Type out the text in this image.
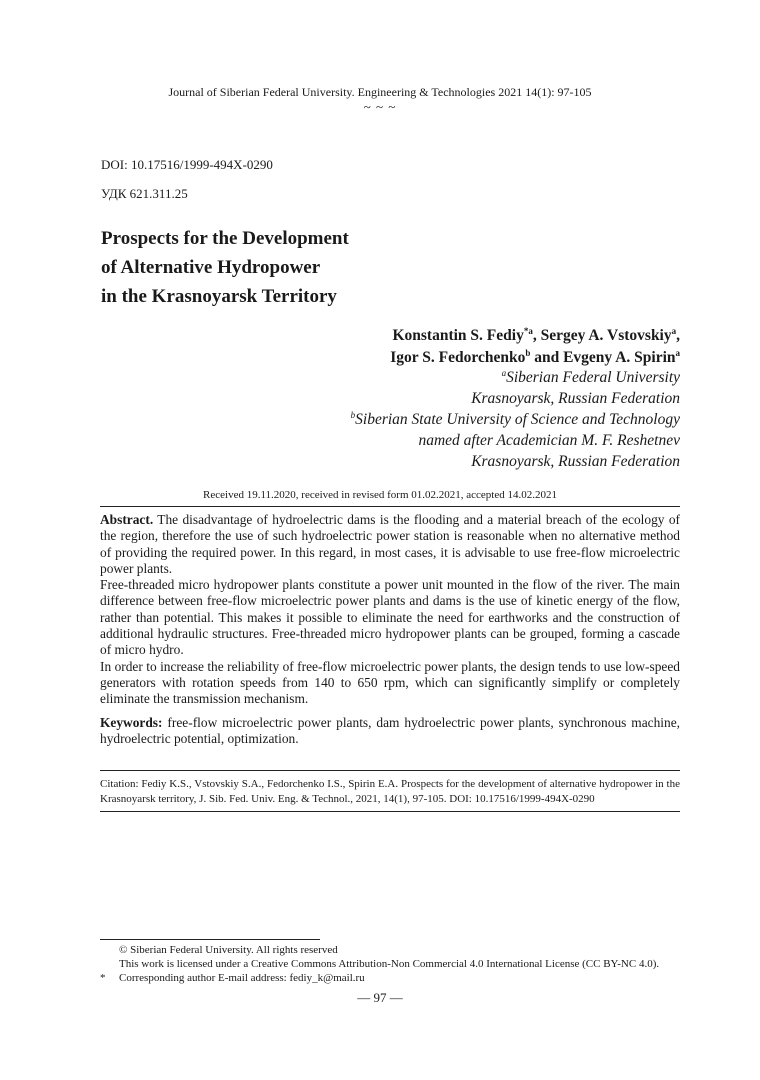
Journal of Siberian Federal University. Engineering & Technologies 2021 14(1): 97-105
~ ~ ~
DOI: 10.17516/1999-494X-0290
УДК 621.311.25
Prospects for the Development
of Alternative Hydropower
in the Krasnoyarsk Territory
Konstantin S. Fediy$^{*a}$, Sergey A. Vstovskiy$^a$,
Igor S. Fedorchenko$^b$ and Evgeny A. Spirin$^a$
$^a$Siberian Federal University
Krasnoyarsk, Russian Federation
$^b$Siberian State University of Science and Technology
named after Academician M. F. Reshetnev
Krasnoyarsk, Russian Federation
Received 19.11.2020, received in revised form 01.02.2021, accepted 14.02.2021

Abstract. The disadvantage of hydroelectric dams is the flooding and a material breach of the ecology of the region, therefore the use of such hydroelectric power station is reasonable when no alternative method of providing the required power. In this regard, in most cases, it is advisable to use free-flow microelectric power plants.

Free-threaded micro hydropower plants constitute a power unit mounted in the flow of the river. The main difference between free-flow microelectric power plants and dams is the use of kinetic energy of the flow, rather than potential. This makes it possible to eliminate the need for earthworks and the construction of additional hydraulic structures. Free-threaded micro hydropower plants can be grouped, forming a cascade of micro hydro.

In order to increase the reliability of free-flow microelectric power plants, the design tends to use low-speed generators with rotation speeds from 140 to 650 rpm, which can significantly simplify or completely eliminate the transmission mechanism.

Keywords: free-flow microelectric power plants, dam hydroelectric power plants, synchronous machine, hydroelectric potential, optimization.

Citation: Fediy K.S., Vstovskiy S.A., Fedorchenko I.S., Spirin E.A. Prospects for the development of alternative hydropower in the Krasnoyarsk territory, J. Sib. Fed. Univ. Eng. & Technol., 2021, 14(1), 97-105. DOI: 10.17516/1999-494X-0290
© Siberian Federal University. All rights reserved
This work is licensed under a Creative Commons Attribution-Non Commercial 4.0 International License (CC BY-NC 4.0).
* Corresponding author E-mail address: fediy_k@mail.ru
— 97 —
